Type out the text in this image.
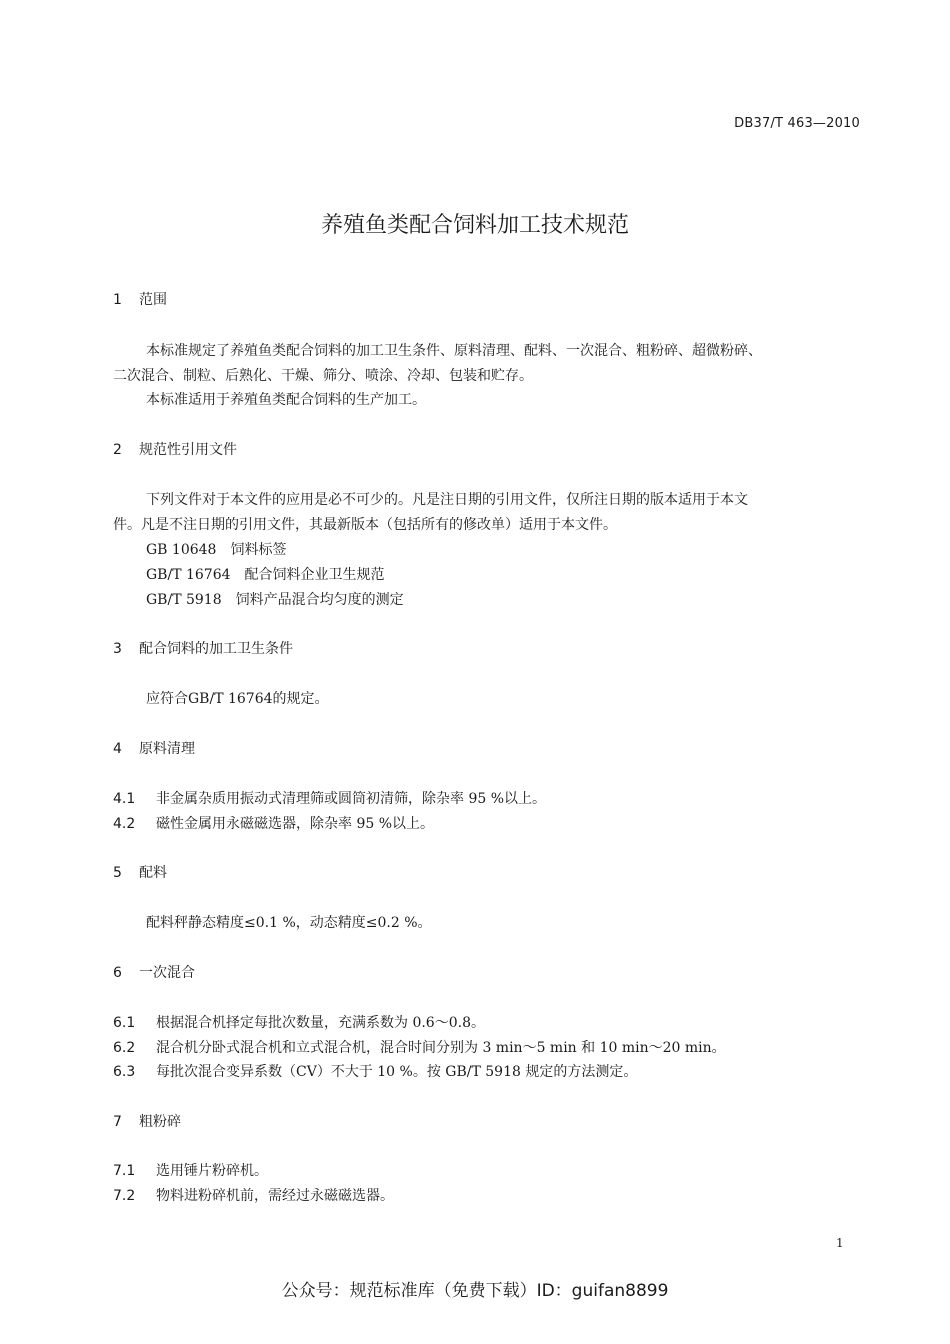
DB37/T 463—2010
养殖鱼类配合饲料加工技术规范
1 范围
本标准规定了养殖鱼类配合饲料的加工卫生条件、原料清理、配料、一次混合、粗粉碎、超微粉碎、
二次混合、制粒、后熟化、干燥、筛分、喷涂、冷却、包装和贮存。
本标准适用于养殖鱼类配合饲料的生产加工。
2 规范性引用文件
下列文件对于本文件的应用是必不可少的。凡是注日期的引用文件，仅所注日期的版本适用于本文
件。凡是不注日期的引用文件，其最新版本（包括所有的修改单）适用于本文件。
GB 10648　饲料标签
GB/T 16764　配合饲料企业卫生规范
GB/T 5918　饲料产品混合均匀度的测定
3 配合饲料的加工卫生条件
应符合GB/T 16764的规定。
4 原料清理
4.1 非金属杂质用振动式清理筛或圆筒初清筛，除杂率 95 %以上。
4.2 磁性金属用永磁磁选器，除杂率 95 %以上。
5 配料
配料秤静态精度≤0.1 %，动态精度≤0.2 %。
6 一次混合
6.1 根据混合机择定每批次数量，充满系数为 0.6～0.8。
6.2 混合机分卧式混合机和立式混合机，混合时间分别为 3 min～5 min 和 10 min～20 min。
6.3 每批次混合变异系数（CV）不大于 10 %。按 GB/T 5918 规定的方法测定。
7 粗粉碎
7.1 选用锤片粉碎机。
7.2 物料进粉碎机前，需经过永磁磁选器。
1
公众号：规范标准库（免费下载）ID：guifan8899
